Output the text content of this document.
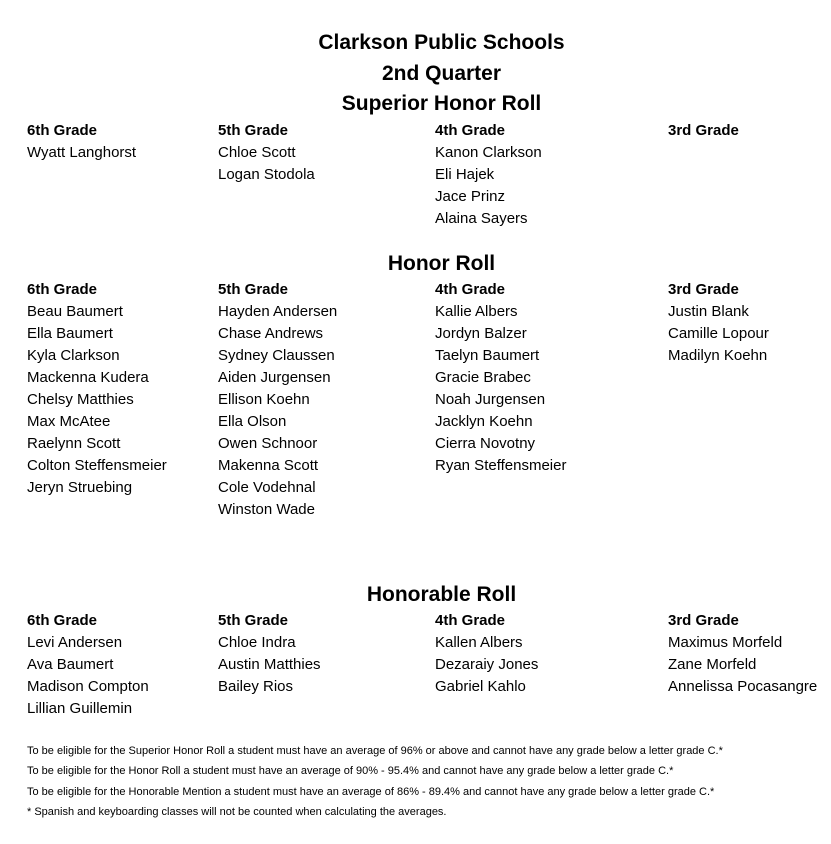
Clarkson Public Schools
2nd Quarter
Superior Honor Roll
6th Grade
Wyatt Langhorst
5th Grade
Chloe Scott
Logan Stodola
4th Grade
Kanon Clarkson
Eli Hajek
Jace Prinz
Alaina Sayers
3rd Grade
Honor Roll
6th Grade
Beau Baumert
Ella Baumert
Kyla Clarkson
Mackenna Kudera
Chelsy Matthies
Max McAtee
Raelynn Scott
Colton Steffensmeier
Jeryn Struebing
5th Grade
Hayden Andersen
Chase Andrews
Sydney Claussen
Aiden Jurgensen
Ellison Koehn
Ella Olson
Owen Schnoor
Makenna Scott
Cole Vodehnal
Winston Wade
4th Grade
Kallie Albers
Jordyn Balzer
Taelyn Baumert
Gracie Brabec
Noah Jurgensen
Jacklyn Koehn
Cierra Novotny
Ryan Steffensmeier
3rd Grade
Justin Blank
Camille Lopour
Madilyn Koehn
Honorable Roll
6th Grade
Levi Andersen
Ava Baumert
Madison Compton
Lillian Guillemin
5th Grade
Chloe Indra
Austin Matthies
Bailey Rios
4th Grade
Kallen Albers
Dezaraiy Jones
Gabriel Kahlo
3rd Grade
Maximus Morfeld
Zane Morfeld
Annelissa Pocasangre
To be eligible for the Superior Honor Roll a student must have an average of 96% or above and cannot have any grade below a letter grade C.*
To be eligible for the Honor Roll a student must have an average of 90% - 95.4% and cannot have any grade below a letter grade C.*
To be eligible for the Honorable Mention a student must have an average of 86% - 89.4% and cannot have any grade below a letter grade C.*
* Spanish and keyboarding classes will not be counted when calculating the averages.
